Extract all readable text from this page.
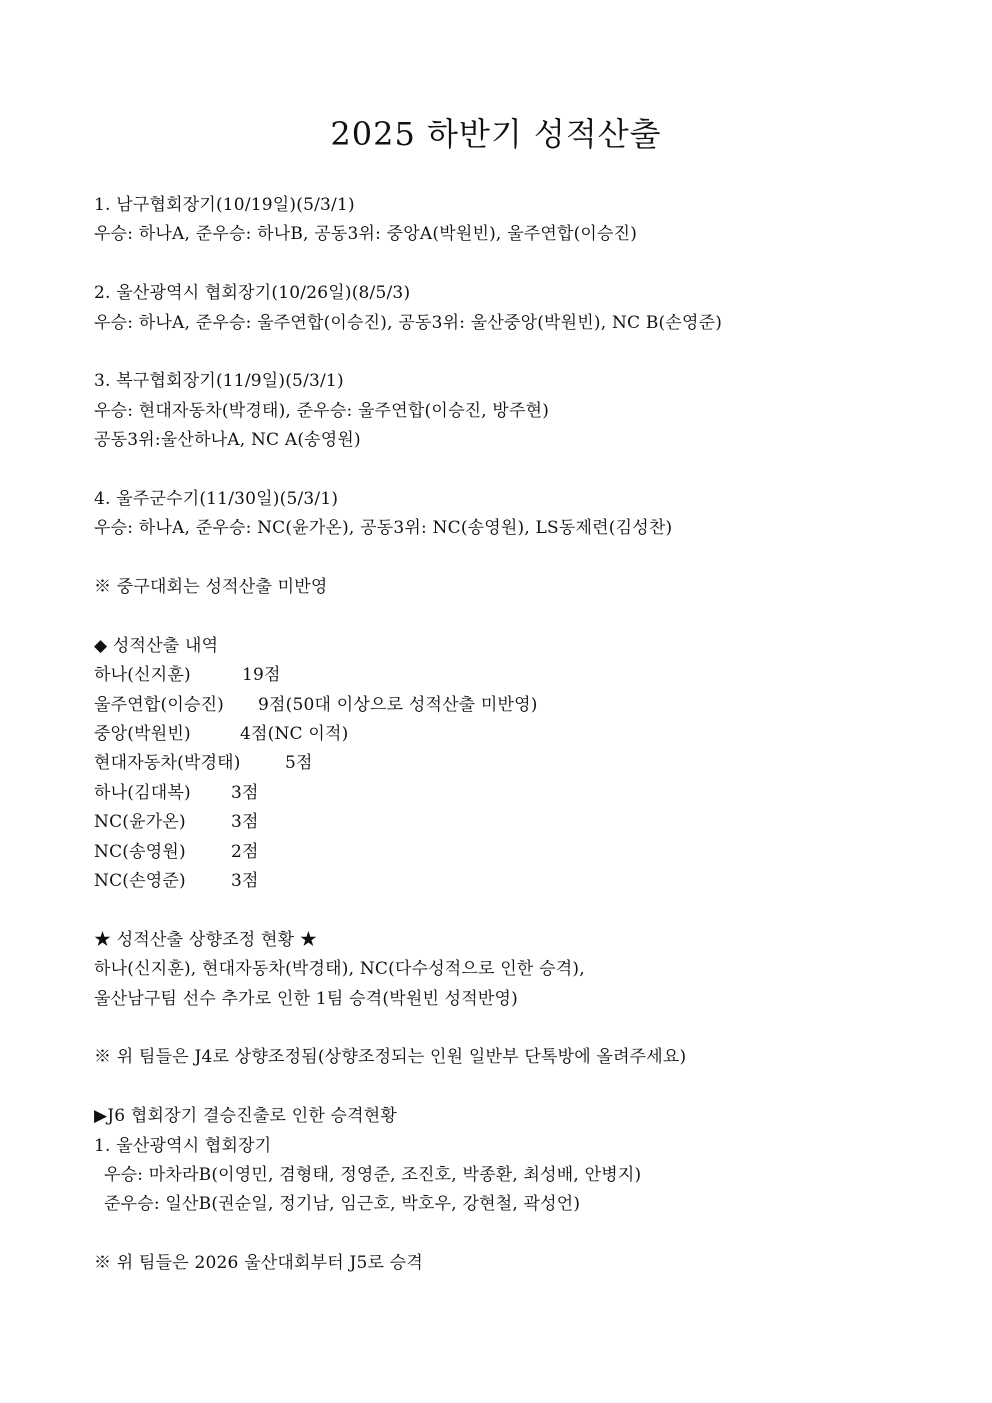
2025 하반기 성적산출
1. 남구협회장기(10/19일)(5/3/1)
우승: 하나A, 준우승: 하나B, 공동3위: 중앙A(박원빈), 울주연합(이승진)
2. 울산광역시 협회장기(10/26일)(8/5/3)
우승: 하나A, 준우승: 울주연합(이승진), 공동3위: 울산중앙(박원빈), NC B(손영준)
3. 복구협회장기(11/9일)(5/3/1)
우승: 현대자동차(박경태), 준우승: 울주연합(이승진, 방주현)
공동3위:울산하나A, NC A(송영원)
4. 울주군수기(11/30일)(5/3/1)
우승: 하나A, 준우승: NC(윤가온), 공동3위: NC(송영원), LS동제련(김성찬)
※ 중구대회는 성적산출 미반영
◆ 성적산출 내역
하나(신지훈)	19점
울주연합(이승진) 9점(50대 이상으로 성적산출 미반영)
중앙(박원빈)	4점(NC 이적)
현대자동차(박경태)	5점
하나(김대복) 3점
NC(윤가온)	3점
NC(송영원)	2점
NC(손영준)	3점
★ 성적산출 상향조정 현황 ★
하나(신지훈), 현대자동차(박경태), NC(다수성적으로 인한 승격),
울산남구팀 선수 추가로 인한 1팀 승격(박원빈 성적반영)
※ 위 팀들은 J4로 상향조정됨(상향조정되는 인원 일반부 단톡방에 올려주세요)
▶J6 협회장기 결승진출로 인한 승격현황
1. 울산광역시 협회장기
우승: 마차라B(이영민, 겸형태, 정영준, 조진호, 박종환, 최성배, 안병지)
준우승: 일산B(권순일, 정기남, 임근호, 박호우, 강현철, 곽성언)
※ 위 팀들은 2026 울산대회부터 J5로 승격
